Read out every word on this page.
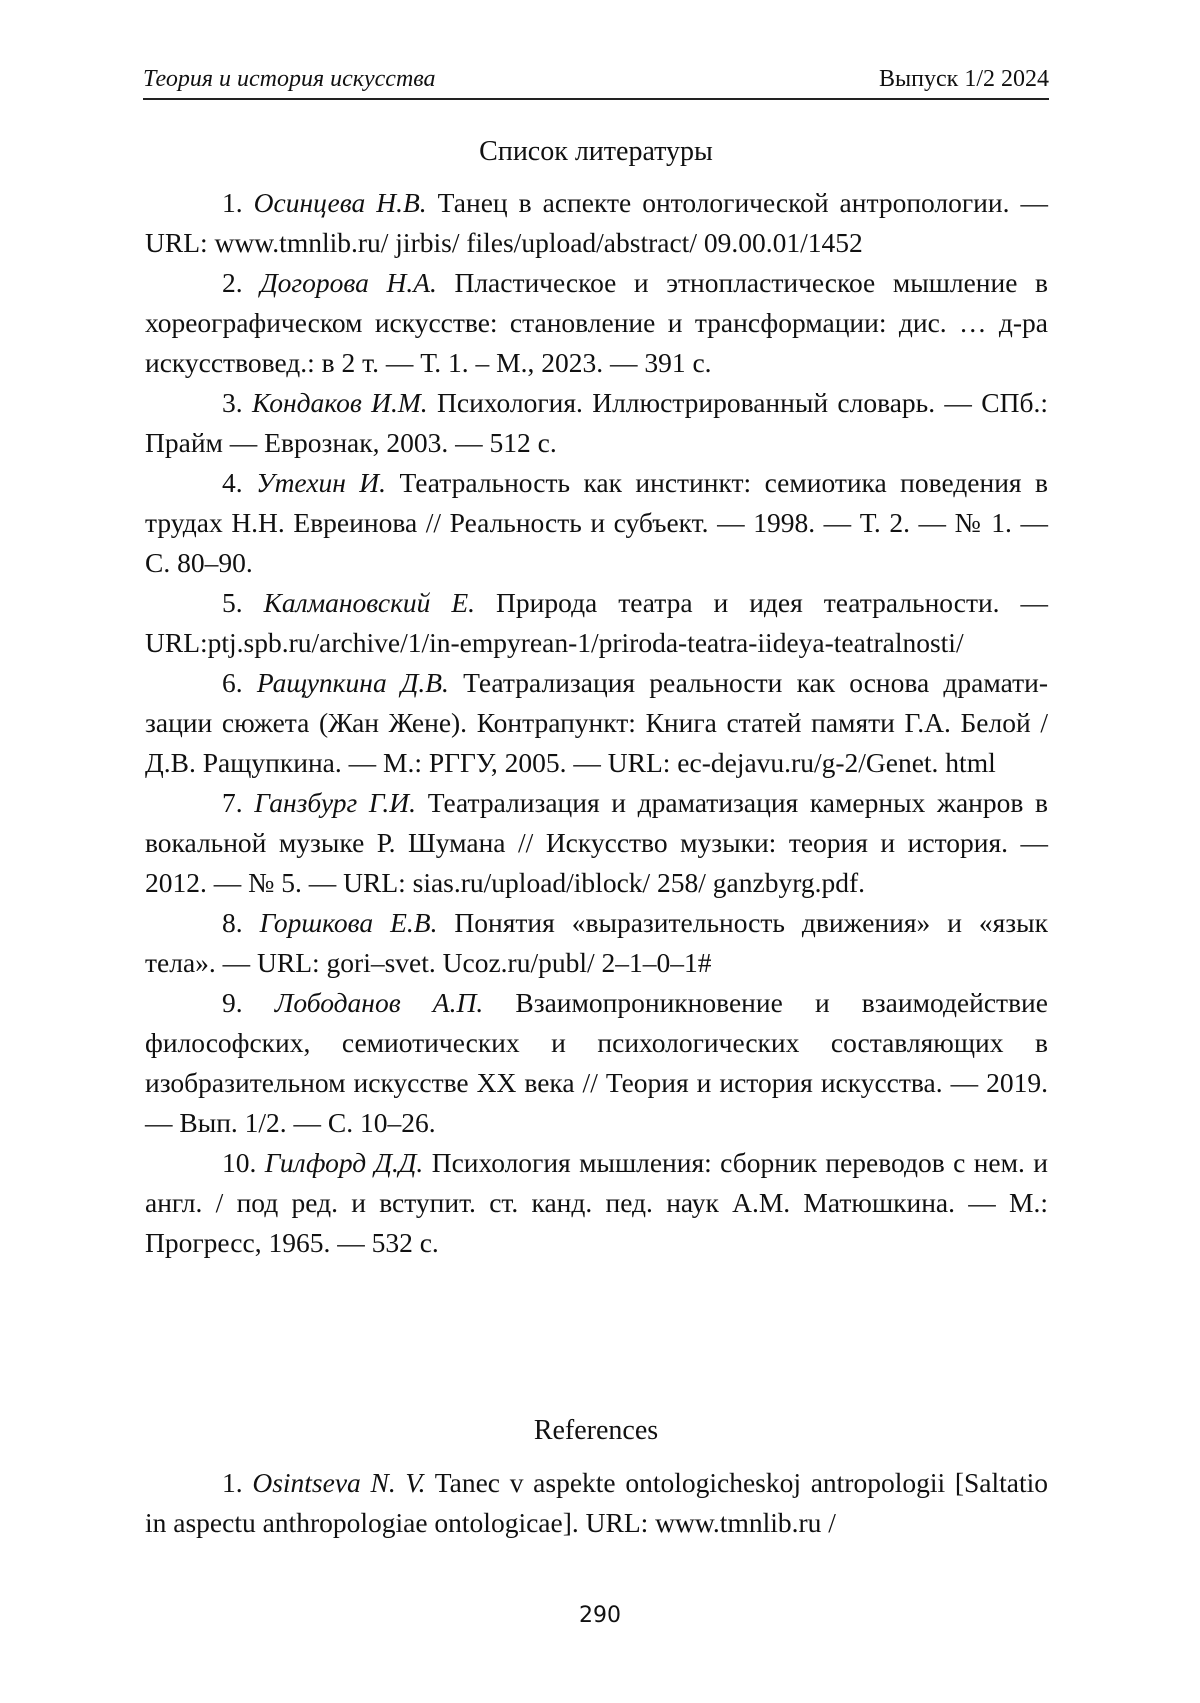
Теория и история искусства	Выпуск 1/2 2024
Список литературы

1. Осинцева Н.В. Танец в аспекте онтологической антропологии. — URL: www.tmnlib.ru/ jirbis/ files/upload/abstract/ 09.00.01/1452

2. Догорова Н.А. Пластическое и этнопластическое мышле­ние в хореографическом искусстве: становление и трансформации: дис. … д-ра искусствовед.: в 2 т. — Т. 1. – М., 2023. — 391 с.

3. Кондаков И.М. Психология. Иллюстрированный словарь. — СПб.: Прайм — Еврознак, 2003. — 512 с.

4. Утехин И. Театральность как инстинкт: семиотика пове­дения в трудах Н.Н. Евреинова // Реальность и субъект. — 1998. — Т. 2. — № 1. — С. 80–90.

5. Калмановский Е. Природа театра и идея театральности. — URL:ptj.spb.ru/archive/1/in-empyrean-1/priroda-teatra-iideya-teatralnosti/

6. Ращупкина Д.В. Театрализация реальности как основа драмати­зации сюжета (Жан Жене). Контрапункт: Книга статей памяти Г.А. Бе­лой / Д.В. Ращупкина. — М.: РГГУ, 2005. — URL: ec-dejavu.ru/g-2/Genet. html

7. Ганзбург Г.И. Театрализация и драматизация камерных жанров в вокальной музыке Р. Шумана // Искусство музыки: тео­рия и история. — 2012. — № 5. — URL: sias.ru/upload/iblock/ 258/ ganzbyrg.pdf.

8. Горшкова Е.В. Понятия «выразительность движения» и «язык тела». — URL: gori–svet. Ucoz.ru/publ/ 2–1–0–1#

9. Лободанов А.П. Взаимопроникновение и взаимодействие философских, семиотических и психологических составляющих в изобразительном искусстве XX века // Теория и история искусства. — 2019. — Вып. 1/2. — С. 10–26.

10. Гилфорд Д.Д. Психология мышления: сборник переводов с нем. и англ. / под ред. и вступит. ст. канд. пед. наук А.М. Матюшки­на. — М.: Прогресс, 1965. — 532 с.

References

1. Osintseva N. V. Tanec v aspekte ontologicheskoj antropologii [Saltatio in aspectu anthropologiae ontologicae]. URL: www.tmnlib.ru /

290
